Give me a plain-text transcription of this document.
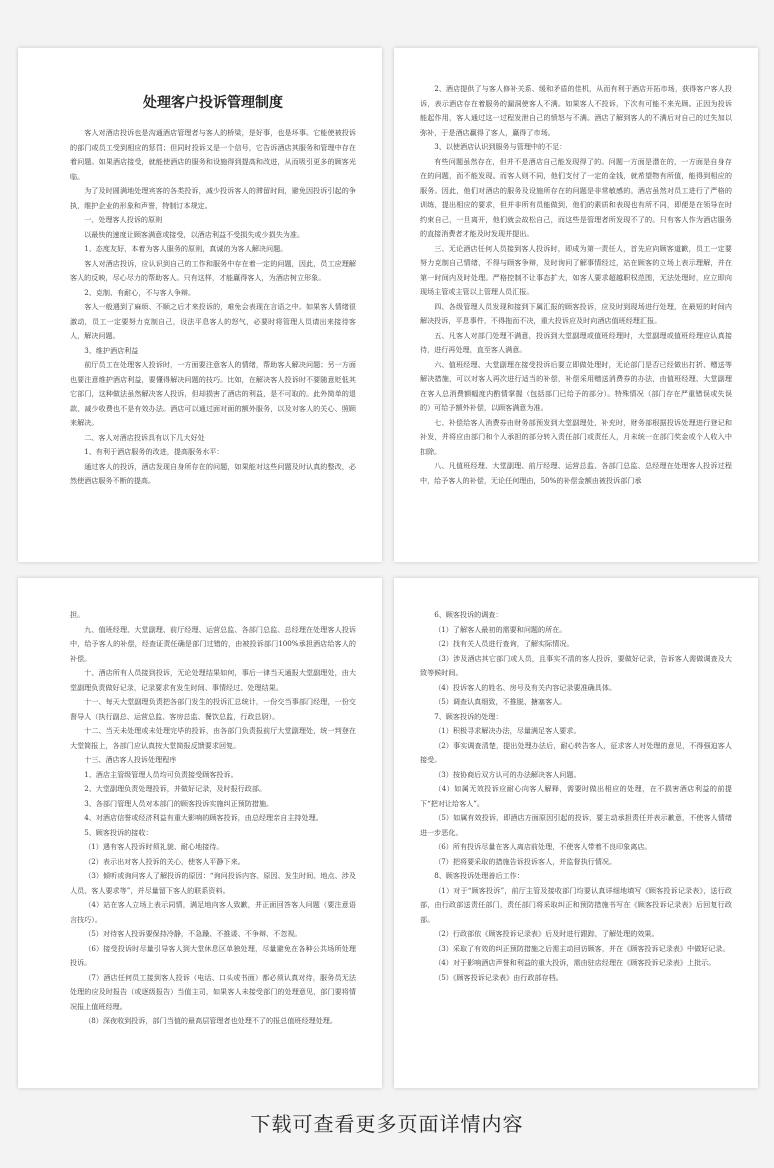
处理客户投诉管理制度

客人对酒店投诉也是沟通酒店管理者与客人的桥梁，是好事，也是坏事。它能使被投诉的部门或员工受到相应的惩罚；但同时投诉又是一个信号，它告诉酒店其服务和管理中存在着问题。如果酒店接受，就能使酒店的服务和设施得到提高和改进，从而吸引更多的顾客光临。

为了及时圆满地处理宾客的各类投诉，减少投诉客人的滞留时间，避免因投诉引起的争执，维护企业的形象和声誉，特制订本规定。

一、处理客人投诉的原则

以最快的速度让顾客满意或接受，以酒店利益不受损失或少损失为准。

1、态度友好，本着为客人服务的原则，真诚的为客人解决问题。

客人对酒店投诉，应认识到自己的工作和服务中存在着一定的问题，因此，员工应理解客人的反映，尽心尽力的帮助客人。只有这样，才能赢得客人，为酒店树立形象。

2、克制、有耐心，不与客人争辩。

客人一般遇到了麻烦、不顺之后才来投诉的，难免会表现在言语之中。如果客人情绪很激动，员工一定要努力克制自己，设法平息客人的怒气，必要时将管理人员请出来接待客人，解决问题。

3、维护酒店利益

前厅员工在处理客人投诉时，一方面要注意客人的情绪，帮助客人解决问题；另一方面也要注意维护酒店利益，要懂得解决问题的技巧。比如，在解决客人投诉时不要随意贬低其它部门，这种做法虽然解决客人投诉，但却损害了酒店的利益，是不可取的。此外简单的退款、减少收费也不是有效办法。酒店可以通过面对面的额外服务，以及对客人的关心、照顾来解决。

二、客人对酒店投诉具有以下几大好处

1、有利于酒店服务的改进，提高服务水平：

通过客人的投诉，酒店发现自身所存在的问题，如果能对这些问题及时认真的整改，必然使酒店服务不断的提高。

2、酒店提供了与客人修补关系、缓和矛盾的佳机，从而有利于酒店开拓市场，获得客户客人投诉，表示酒店存在着服务的漏洞使客人不满。如果客人不投诉，下次有可能不来光顾。正因为投诉能起作用，客人通过这一过程发泄自己的愤怒与不满。酒店了解到客人的不满后对自己的过失加以弥补，于是酒店赢得了客人，赢得了市场。

3、以使酒店认识到服务与管理中的不足：

有些问题虽然存在，但并不是酒店自己能发现得了的。问题一方面是潜在的，一方面是自身存在的问题，而不能发现。而客人则不同，他们支付了一定的金钱，就希望物有所值，能得到相应的服务。因此，他们对酒店的服务及设施所存在的问题是非常敏感的。酒店虽然对员工进行了严格的训练，提出相应的要求，但并非所有员能做到，他们的素质和表现也有所不同，即便是在领导在时约束自己，一旦离开，他们就会故松自己，而这些是管理者所发现不了的。只有客人作为酒店服务的直接消费者才能及时发现并提出。

三、无论酒店任何人员接到客人投诉时，即成为第一责任人，首先应向顾客道歉，员工一定要努力克制自己情绪，不得与顾客争辩，及时询问了解事情经过，站在顾客的立场上表示理解，并在第一时间内及时处理。严格控制不让事态扩大，如客人要求超越职权范围，无法处理时，应立即向现场主管或主管以上管理人员汇报。

四、各级管理人员发现和接到下属汇报的顾客投诉，应及时到现场进行处理，在最短的时间内解决投诉，平息事件，不得拖而不决，重大投诉应及时向酒店值班经理汇报。

五、凡客人对部门处理不满意，投诉到大堂副理或值班经理时，大堂副理或值班经理应认真接待，进行再处理，直至客人满意。

六、值班经理、大堂副理在接受投诉后要立即做处理时，无论部门是否已经做出打折、赠送等解决措施，可以对客人再次进行适当的补偿，补偿采用赠送消费券的办法，由值班经理、大堂副理在客人总消费额幅度内酌情掌握（包括部门已给予的部分）。特殊情况（部门存在严重错误或失误的）可给予额外补偿，以顾客满意为准。

七、补偿给客人消费券由财务部预发到大堂副理处，补充时，财务部根据投诉处理进行登记和补发，并将应由部门和个人承担的部分转入责任部门或责任人，月未统一在部门奖金或个人收入中扣除。

八、凡值班经理、大堂副理、前厅经理、运营总监、各部门总监、总经理在处理客人投诉过程中，给予客人的补偿，无论任何理由，50%的补偿金额由被投诉部门承

担。

九、值班经理、大堂副理、前厅经理、运营总监、各部门总监、总经理在处理客人投诉中，给予客人的补偿，经查证责任确是部门过错的，由被投诉部门100%承担酒店给客人的补偿。

十、酒店所有人员接到投诉，无论处理结果如何，事后一律当天通报大堂副理处，由大堂副理负责做好记录，记录要求有发生时间、事情经过、处理结果。

十一、每天大堂副理负责把各部门发生的投诉汇总统计，一份交当事部门经理，一份交督导人（执行副总、运营总监、客房总监、餐饮总监，行政总厨）。

十二、当天未处理或未处理完毕的投诉，由各部门负责报前厅大堂副理处，统一判登在大堂简报上，各部门应认真按大堂简报反馈要求回复。

十三、酒店客人投诉处理程序

1、酒店主管级管理人员均可负责接受顾客投诉。

2、大堂副理负责处理投诉，并做好记录，及时报行政部。

3、各部门管理人员对本部门的顾客投诉实施纠正预防措施。

4、对酒店信誉或经济利益有重大影响的顾客投诉，由总经理亲自主持处理。

5、顾客投诉的接收：

（1）遇有客人投诉时须礼貌、耐心地接待。

（2）表示出对客人投诉的关心，使客人平静下来。

（3）倾听或询问客人了解投诉的原因：“询问投诉内容、原因、发生时间、地点、涉及人员、客人要求等”，并尽量留下客人的联系资料。

（4）站在客人立场上表示同情，满足地向客人致歉，并正面回答客人问题（要注意语言技巧）。

（5）对待客人投诉要保持冷静，不急躁、不推诿、不争辩、不忽视。

（6）接受投诉时尽量引导客人到大堂休息区单独处理，尽量避免在各种公共场所处理投诉。

（7）酒店任何员工接到客人投诉（电话、口头或书面）都必须认真对待，服务员无法处理的应及时报告（或逐级报告）当值主司，如果客人未接受部门的处理意见，部门要将情况报上值班经理。

（8）深夜收到投诉，部门当值的最高层管理者也处理不了的报总值班经理处理。

6、顾客投诉的调查：

（1）了解客人最初的需要和问题的所在。

（2）找有关人员进行查询，了解实际情况。

（3）涉及酒店其它部门或人员，且事实不清的客人投诉，要做好记录，告诉客人需做调查及大致等候时间。

（4）投诉客人的姓名、房号及有关内容记录要准确具体。

（5）调查认真细致，不推脱、搪塞客人。

7、顾客投诉的处理：

（1）积极寻求解决办法，尽量满足客人要求。

（2）事实调查清楚，提出处理办法后，耐心转告客人，征求客人对处理的意见，不得强迫客人接受。

（3）按协商后双方认可的办法解决客人问题。

（4）如属无效投诉应耐心向客人解释，需要时做出相应的处理，在不损害酒店利益的前提下“把对让给客人”。

（5）如属有效投诉，即酒店方面原因引起的投诉，要主动承担责任并表示歉意，不使客人情绪进一步恶化。

（6）所有投诉尽量在客人离店前处理，不使客人带着不良印象离店。

（7）把将要采取的措施告诉投诉客人，并监督执行情况。

8、顾客投诉处理善后工作：

（1）对于“顾客投诉”，前厅主管及接收部门均要认真详细地填写《顾客投诉记录表》，送行政部，由行政部送责任部门，责任部门将采取纠正和预防措施书写在《顾客投诉记录表》后回复行政部。

（2）行政部依《顾客投诉记录表》后及时进行跟踪，了解处理的效果。

（3）采取了有效的纠正预防措施之后需主动回访顾客，并在《顾客投诉记录表》中做好记录。

（4）对于影响酒店声誉和利益的重大投诉，需由驻店经理在《顾客投诉记录表》上批示。

（5）《顾客投诉记录表》由行政部存档。

下载可查看更多页面详情内容
